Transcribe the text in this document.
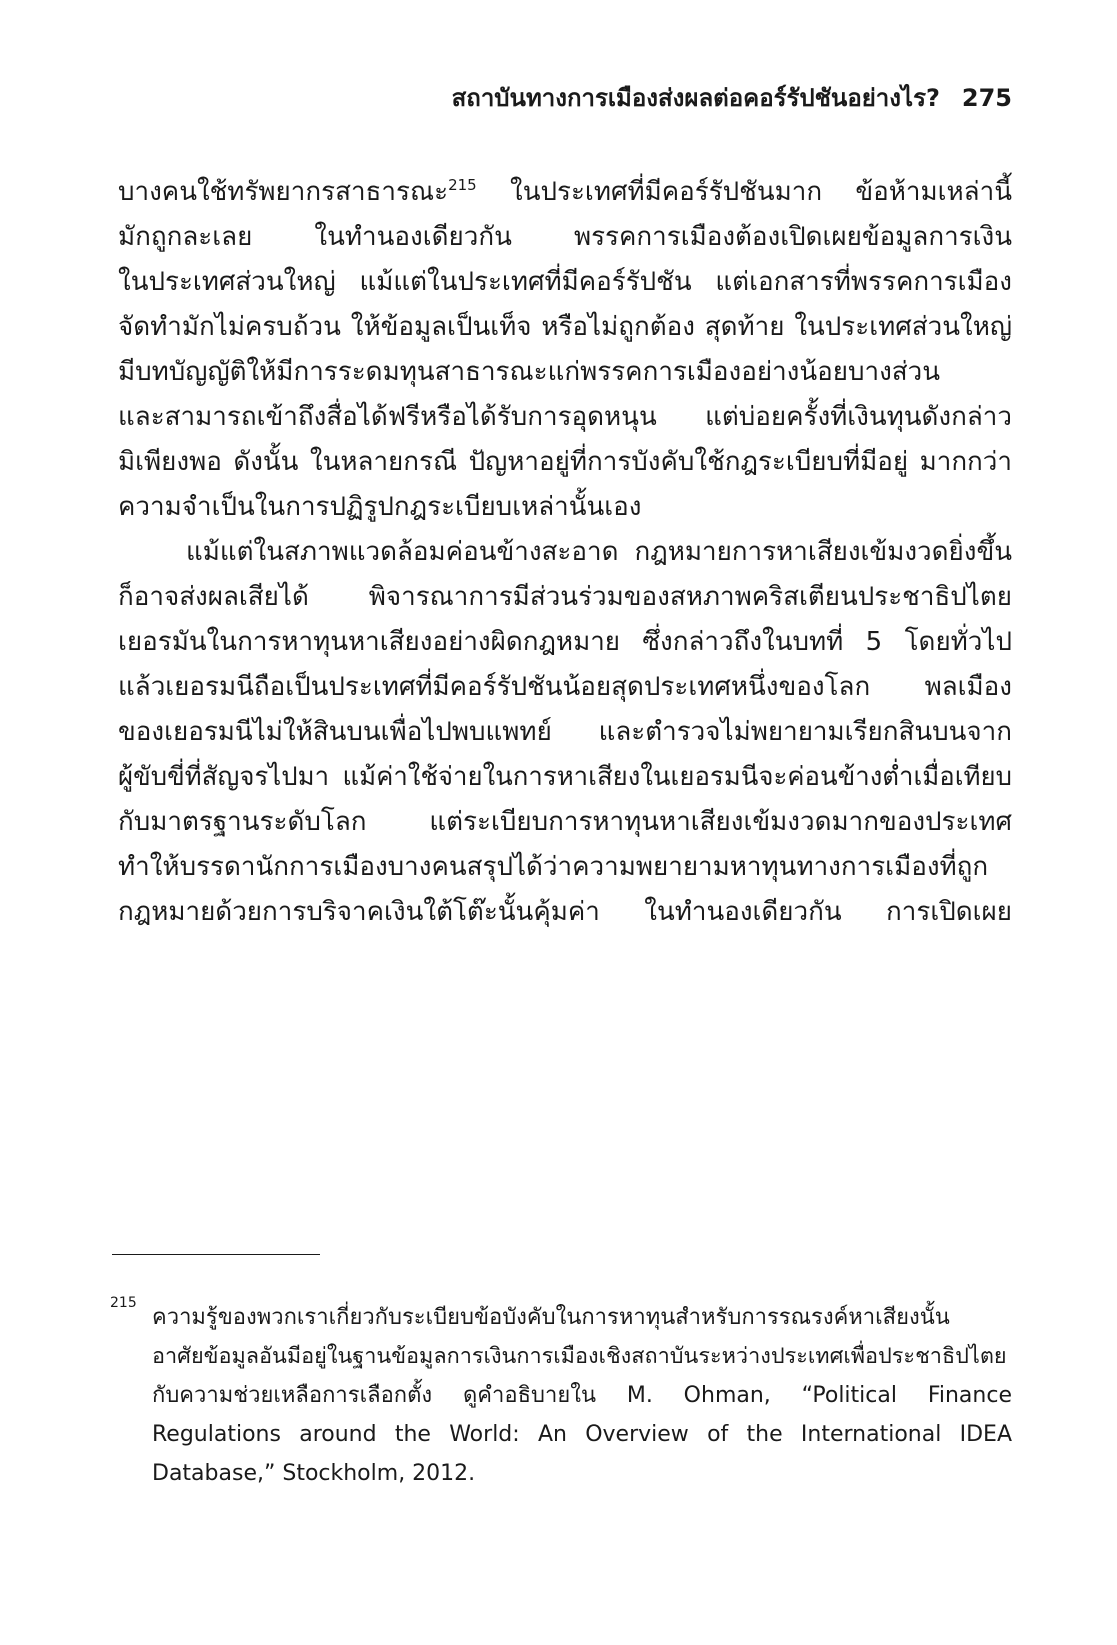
สถาบันทางการเมืองส่งผลต่อคอร์รัปชันอย่างไร? 275
บางคนใช้ทรัพยากรสาธารณะ$^{215}$ ในประเทศที่มีคอร์รัปชันมาก ข้อห้ามเหล่านี้
มักถูกละเลย ในทำนองเดียวกัน พรรคการเมืองต้องเปิดเผยข้อมูลการเงิน
ในประเทศส่วนใหญ่ แม้แต่ในประเทศที่มีคอร์รัปชัน แต่เอกสารที่พรรคการเมือง
จัดทำมักไม่ครบถ้วน ให้ข้อมูลเป็นเท็จ หรือไม่ถูกต้อง สุดท้าย ในประเทศส่วนใหญ่
มีบทบัญญัติให้มีการระดมทุนสาธารณะแก่พรรคการเมืองอย่างน้อยบางส่วน
และสามารถเข้าถึงสื่อได้ฟรีหรือได้รับการอุดหนุน แต่บ่อยครั้งที่เงินทุนดังกล่าว
มิเพียงพอ ดังนั้น ในหลายกรณี ปัญหาอยู่ที่การบังคับใช้กฎระเบียบที่มีอยู่ มากกว่า
ความจำเป็นในการปฏิรูปกฎระเบียบเหล่านั้นเอง
แม้แต่ในสภาพแวดล้อมค่อนข้างสะอาด กฎหมายการหาเสียงเข้มงวดยิ่งขึ้น
ก็อาจส่งผลเสียได้ พิจารณาการมีส่วนร่วมของสหภาพคริสเตียนประชาธิปไตย
เยอรมันในการหาทุนหาเสียงอย่างผิดกฎหมาย ซึ่งกล่าวถึงในบทที่ 5 โดยทั่วไป
แล้วเยอรมนีถือเป็นประเทศที่มีคอร์รัปชันน้อยสุดประเทศหนึ่งของโลก พลเมือง
ของเยอรมนีไม่ให้สินบนเพื่อไปพบแพทย์ และตำรวจไม่พยายามเรียกสินบนจาก
ผู้ขับขี่ที่สัญจรไปมา แม้ค่าใช้จ่ายในการหาเสียงในเยอรมนีจะค่อนข้างต่ำเมื่อเทียบ
กับมาตรฐานระดับโลก แต่ระเบียบการหาทุนหาเสียงเข้มงวดมากของประเทศ
ทำให้บรรดานักการเมืองบางคนสรุปได้ว่าความพยายามหาทุนทางการเมืองที่ถูก
กฎหมายด้วยการบริจาคเงินใต้โต๊ะนั้นคุ้มค่า ในทำนองเดียวกัน การเปิดเผย
215
ความรู้ของพวกเราเกี่ยวกับระเบียบข้อบังคับในการหาทุนสำหรับการรณรงค์หาเสียงนั้น
อาศัยข้อมูลอันมีอยู่ในฐานข้อมูลการเงินการเมืองเชิงสถาบันระหว่างประเทศเพื่อประชาธิปไตย
กับความช่วยเหลือการเลือกตั้ง ดูคำอธิบายใน M. Ohman, “Political Finance
Regulations around the World: An Overview of the International IDEA
Database,” Stockholm, 2012.
